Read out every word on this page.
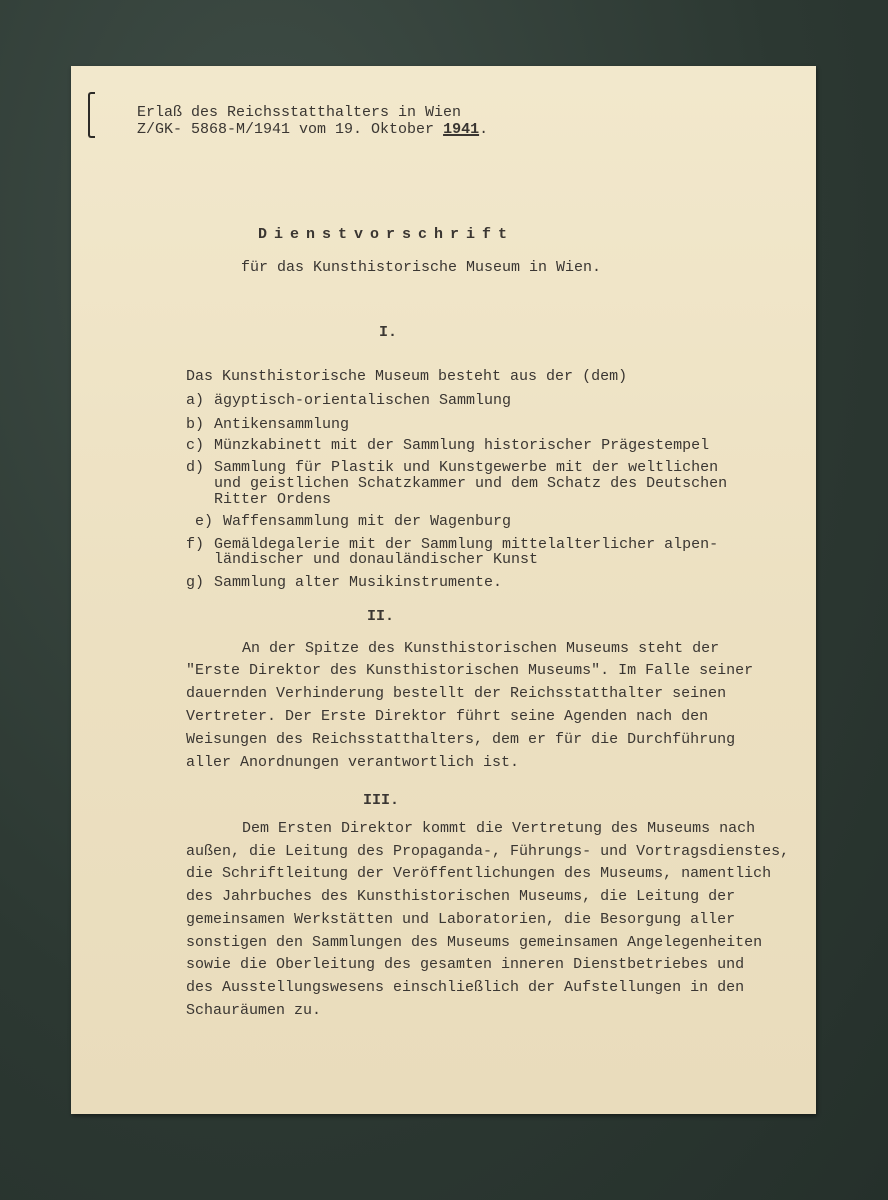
Erlaß des Reichsstatthalters in Wien
Z/GK- 5868-M/1941 vom 19. Oktober 1941.
Dienstvorschrift
für das Kunsthistorische Museum in Wien.
I.
Das Kunsthistorische Museum besteht aus der (dem)
a) ägyptisch-orientalischen Sammlung
b) Antikensammlung
c) Münzkabinett mit der Sammlung historischer Prägestempel
d) Sammlung für Plastik und Kunstgewerbe mit der weltlichen
und geistlichen Schatzkammer und dem Schatz des Deutschen
Ritter Ordens
e) Waffensammlung mit der Wagenburg
f) Gemäldegalerie mit der Sammlung mittelalterlicher alpen-
ländischer und donauländischer Kunst
g) Sammlung alter Musikinstrumente.
II.
An der Spitze des Kunsthistorischen Museums steht der
"Erste Direktor des Kunsthistorischen Museums". Im Falle seiner
dauernden Verhinderung bestellt der Reichsstatthalter seinen
Vertreter. Der Erste Direktor führt seine Agenden nach den
Weisungen des Reichsstatthalters, dem er für die Durchführung
aller Anordnungen verantwortlich ist.
III.
Dem Ersten Direktor kommt die Vertretung des Museums nach
außen, die Leitung des Propaganda-, Führungs- und Vortragsdienstes,
die Schriftleitung der Veröffentlichungen des Museums, namentlich
des Jahrbuches des Kunsthistorischen Museums, die Leitung der
gemeinsamen Werkstätten und Laboratorien, die Besorgung aller
sonstigen den Sammlungen des Museums gemeinsamen Angelegenheiten
sowie die Oberleitung des gesamten inneren Dienstbetriebes und
des Ausstellungswesens einschließlich der Aufstellungen in den
Schauräumen zu.
